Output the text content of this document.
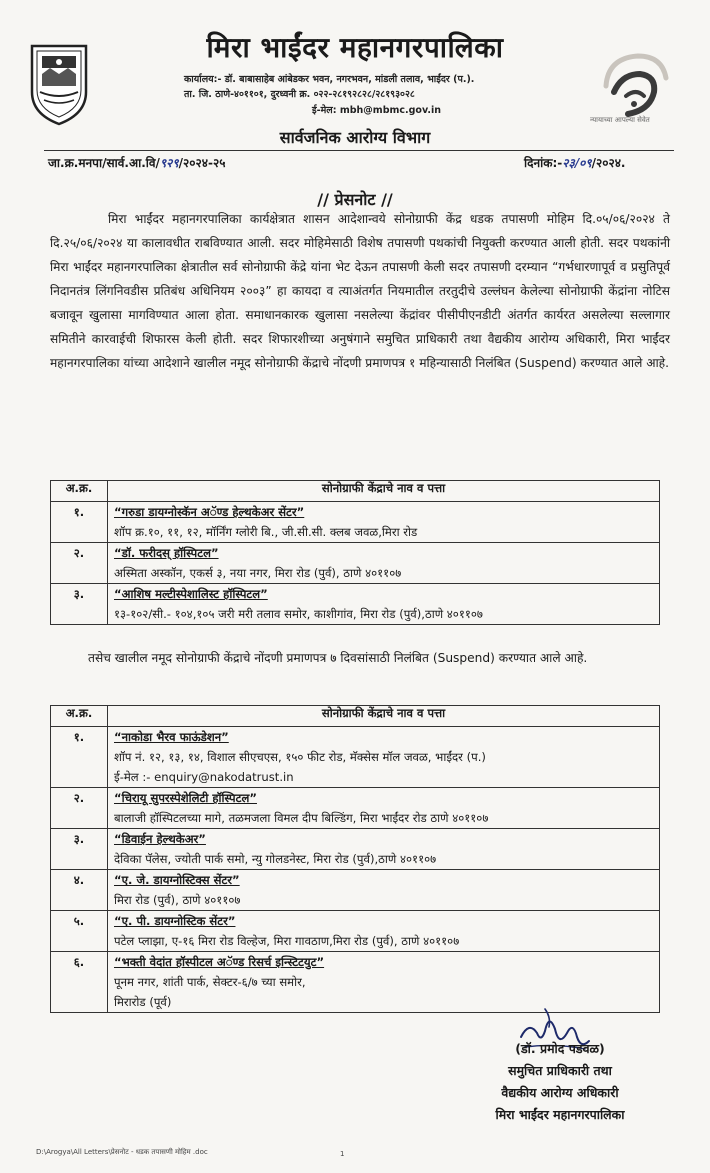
मिरा भाईंदर महानगरपालिका
कार्यालय:- डॉ. बाबासाहेब आंबेडकर भवन, नगरभवन, मांडली तलाव, भाईंदर (प.).
ता. जि. ठाणे-४०११०१, दुरध्वनी क्र. ०२२-२८१९२८२८/२८१९३०२८
ई-मेल: mbh@mbmc.gov.in
न्यायाच्या आपल्या सेवेत
सार्वजनिक आरोग्य विभाग
जा.क्र.मनपा/सार्व.आ.वि/९२९/२०२४-२५	दिनांक:-२३/०९/२०२४.
// प्रेसनोट //
मिरा भाईंदर महानगरपालिका कार्यक्षेत्रात शासन आदेशान्वये सोनोग्राफी केंद्र धडक तपासणी मोहिम दि.०५/०६/२०२४ ते दि.२५/०६/२०२४ या कालावधीत राबविण्यात आली. सदर मोहिमेसाठी विशेष तपासणी पथकांची नियुक्ती करण्यात आली होती. सदर पथकांनी मिरा भाईंदर महानगरपालिका क्षेत्रातील सर्व सोनोग्राफी केंद्रे यांना भेट देऊन तपासणी केली सदर तपासणी दरम्यान “गर्भधारणापूर्व व प्रसुतिपूर्व निदानतंत्र लिंगनिवडीस प्रतिबंध अधिनियम २००३” हा कायदा व त्याअंतर्गत नियमातील तरतुदीचे उल्लंघन केलेल्या सोनोग्राफी केंद्रांना नोटिस बजावून खुलासा मागविण्यात आला होता. समाधानकारक खुलासा नसलेल्या केंद्रांवर पीसीपीएनडीटी अंतर्गत कार्यरत असलेल्या सल्लागार समितीने कारवाईची शिफारस केली होती. सदर शिफारशीच्या अनुषंगाने समुचित प्राधिकारी तथा वैद्यकीय आरोग्य अधिकारी, मिरा भाईंदर महानगरपालिका यांच्या आदेशाने खालील नमूद सोनोग्राफी केंद्राचे नोंदणी प्रमाणपत्र १ महिन्यासाठी निलंबित (Suspend) करण्यात आले आहे.
अ.क्र.	सोनोग्राफी केंद्राचे नाव व पत्ता
१.	“गरुडा डायग्नोस्कॅन अॅण्ड हेल्थकेअर सेंटर”
शॉप क्र.१०, ११, १२, मॉर्निंग ग्लोरी बि., जी.सी.सी. क्लब जवळ,मिरा रोड

२.	“डॉ. फरीदस् हॉस्पिटल”
अस्मिता अस्कॉन, एकर्स ३, नया नगर, मिरा रोड (पुर्व), ठाणे ४०११०७

३.	“आशिष मल्टीस्पेशालिस्ट हॉस्पिटल”
१३-१०२/सी.- १०४,१०५ जरी मरी तलाव समोर, काशीगांव, मिरा रोड (पुर्व),ठाणे ४०११०७
तसेच खालील नमूद सोनोग्राफी केंद्राचे नोंदणी प्रमाणपत्र ७ दिवसांसाठी निलंबित (Suspend) करण्यात आले आहे.
अ.क्र.	सोनोग्राफी केंद्राचे नाव व पत्ता
१.	“नाकोडा भैरव फाऊंडेशन”
शॉप नं. १२, १३, १४, विशाल सीएचएस, १५० फीट रोड, मॅक्सेस मॉल जवळ, भाईंदर (प.)
ई-मेल :- enquiry@nakodatrust.in

२.	“चिरायू सुपरस्पेशेलिटी हॉस्पिटल”
बालाजी हॉस्पिटलच्या मागे, तळमजला विमल दीप बिल्डिंग, मिरा भाईंदर रोड ठाणे ४०११०७

३.	“डिवाईन हेल्थकेअर”
देविका पॅलेस, ज्योती पार्क समो, न्यु गोलडनेस्ट, मिरा रोड (पुर्व),ठाणे ४०११०७

४.	“ए. जे. डायग्नोस्टिक्स सेंटर”
मिरा रोड (पुर्व), ठाणे ४०११०७

५.	“ए. पी. डायग्नोस्टिक सेंटर”
पटेल प्लाझा, ए-१६ मिरा रोड विल्हेज, मिरा गावठाण,मिरा रोड (पुर्व), ठाणे ४०११०७

६.	“भक्ती वेदांत हॉस्पीटल अॅण्ड रिसर्च इन्स्टिटयुट”
पूनम नगर, शांती पार्क, सेक्टर-६/७ च्या समोर,
मिरारोड (पूर्व)
(डॉ. प्रमोद पडवळ)
समुचित प्राधिकारी तथा
वैद्यकीय आरोग्य अधिकारी
मिरा भाईंदर महानगरपालिका
D:\Arogya\All Letters\प्रेसनोट - धडक तपासणी मोहिम .doc	1
